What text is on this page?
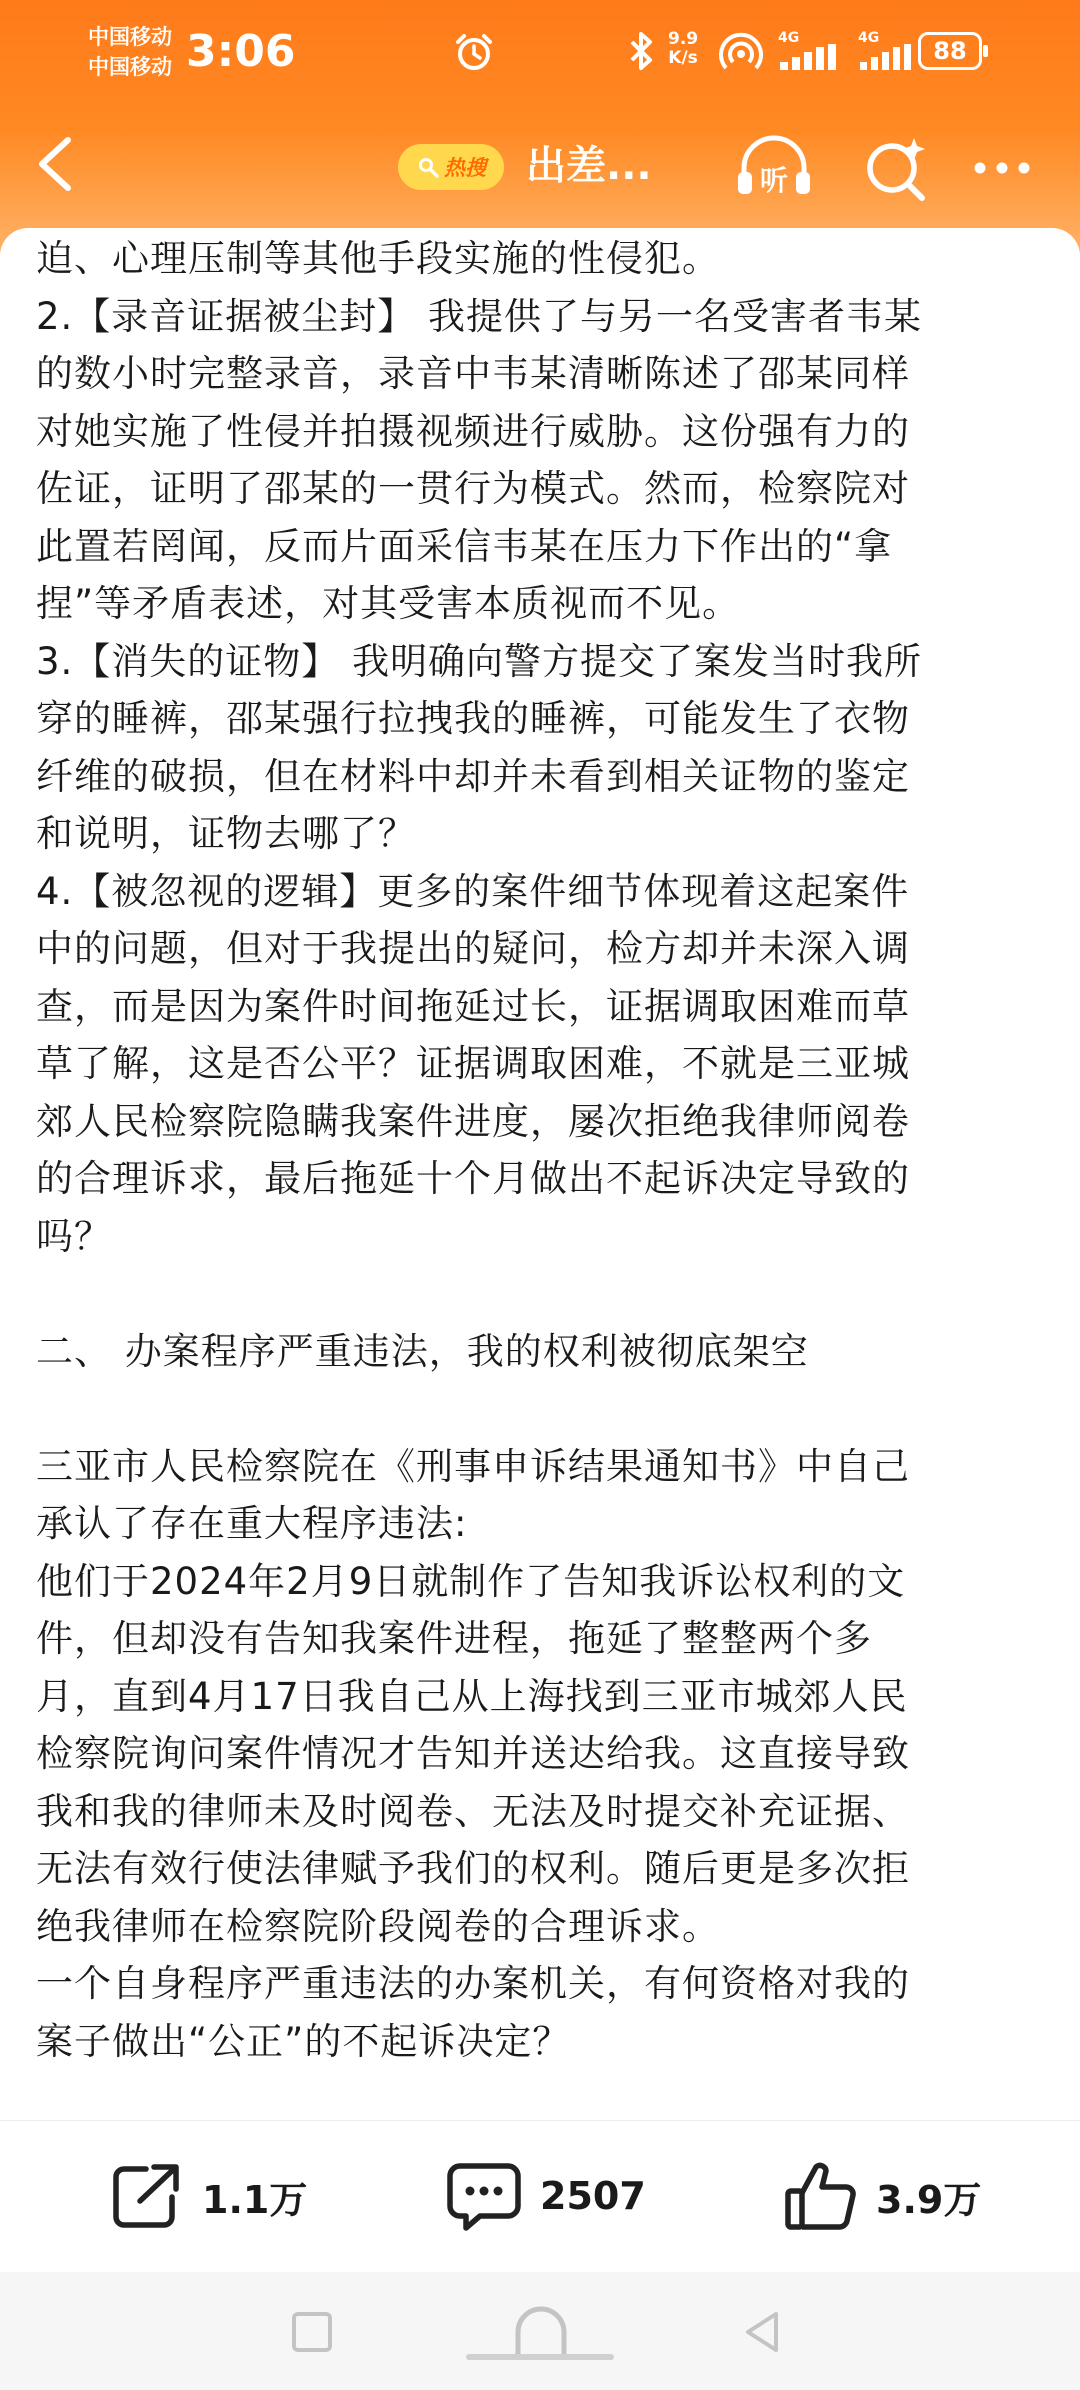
中国移动
中国移动 3:06	9.9
K/s
4G	4G	88
热搜 出差...	听
迫、心理压制等其他手段实施的性侵犯。
2.【录音证据被尘封】 我提供了与另一名受害者韦某
的数小时完整录音，录音中韦某清晰陈述了邵某同样
对她实施了性侵并拍摄视频进行威胁。这份强有力的
佐证，证明了邵某的一贯行为模式。然而，检察院对
此置若罔闻，反而片面采信韦某在压力下作出的“拿
捏”等矛盾表述，对其受害本质视而不见。
3.【消失的证物】 我明确向警方提交了案发当时我所
穿的睡裤，邵某强行拉拽我的睡裤，可能发生了衣物
纤维的破损，但在材料中却并未看到相关证物的鉴定
和说明，证物去哪了？
4.【被忽视的逻辑】更多的案件细节体现着这起案件
中的问题，但对于我提出的疑问，检方却并未深入调
查，而是因为案件时间拖延过长，证据调取困难而草
草了解，这是否公平？证据调取困难，不就是三亚城
郊人民检察院隐瞒我案件进度，屡次拒绝我律师阅卷
的合理诉求，最后拖延十个月做出不起诉决定导致的
吗？
二、 办案程序严重违法，我的权利被彻底架空
三亚市人民检察院在《刑事申诉结果通知书》中自己
承认了存在重大程序违法:
他们于2024年2月9日就制作了告知我诉讼权利的文
件，但却没有告知我案件进程，拖延了整整两个多
月，直到4月17日我自己从上海找到三亚市城郊人民
检察院询问案件情况才告知并送达给我。这直接导致
我和我的律师未及时阅卷、无法及时提交补充证据、
无法有效行使法律赋予我们的权利。随后更是多次拒
绝我律师在检察院阶段阅卷的合理诉求。
一个自身程序严重违法的办案机关，有何资格对我的
案子做出“公正”的不起诉决定？
1.1万	2507	3.9万
